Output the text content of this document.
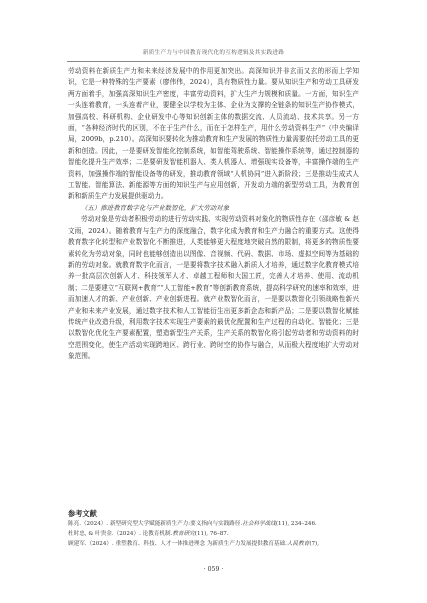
新质生产力与中国教育现代化的互构逻辑及其实践进路

劳动资料在新质生产力和未来经济发展中的作用更加突出。高深知识并非玄而又玄的形而上学知识，它是一种特殊的生产要素（廖伟伟，2024），具有物质性力量。要从知识生产和劳动工具研发两方面着手，加强高深知识生产密度，丰富劳动资料，扩大生产力规模和质量。一方面，知识生产一头连着教育，一头连着产业，要健全以学校为主体、企业为支撑的全链条的知识生产协作模式，加强高校、科研机构、企业研发中心等知识创新主体的数据交流、人员流动、技术共享。另一方面，“各种经济时代的区别，不在于生产什么，而在于怎样生产，用什么劳动资料生产”（中央编译局，2009b，p.210）。高深知识要转化为推动教育和生产发展的物质性力量需要依托劳动工具的更新和创造。因此，一是要研发智能化控制系统，如智能驾驶系统、智能操作系统等，通过控制器的智能化提升生产效率；二是要研发智能机器人、类人机器人、增强现实设备等，丰富操作端的生产资料，加强操作端的智能设备等的研发，推动教育领域“人机协同”进入新阶段；三是推动生成式人工智能、智能算法、新能源等方面的知识生产与应用创新，开发动力端的新型劳动工具，为教育创新和新质生产力发展提供驱动力。

（五）推进教育数字化与产业数智化，扩大劳动对象

劳动对象是劳动者积极劳动的进行劳动实践、实现劳动资料对象化的物质性存在（邵彦敏 & 赵文雨，2024）。随着教育与生产力的深度融合，数字化成为教育和生产力融合的重要方式。这使得教育数字化转型和产业数智化不断推进，人类能够更大程度地突破自然的限制，将更多的物质性要素转化为劳动对象，同时也能够创造出以图像、音视频、代码、数据、市场、虚拟空间等为基础的新的劳动对象。就教育数字化而言，一是要将数字技术融入新质人才培养，通过数字化教育模式培养一批高层次创新人才、科技领军人才、卓越工程师和大国工匠，完善人才培养、使用、流动机制；二是要建立“互联网+教育”“人工智能+教育”等创新教育系统，提高科学研究的速率和效率，进而加速人才的新、产业创新、产业创新进程。就产业数智化而言，一是要以数智化引领战略性新兴产业和未来产业发展，通过数字技术和人工智能衍生出更多新企态和新产品；二是要以数智化赋能传统产业改造升级，利用数字技术实现生产要素的最优化配置和生产过程的自动化、智能化；三是以数智化优化生产要素配置，塑造新型生产关系，生产关系的数智化将引起劳动者和劳动资料的时空范围变化，使生产活动实现跨地区、跨行业、跨时空的协作与融合，从而极大程度地扩大劳动对象范围。

参考文献
陈亮.（2024）. 新型研究型大学赋能新质生产力:要义指向与实践路径.社会科学战线(11), 234–246.
杜时忠, & 叶贵金.（2024）. 论教育机制.教育研究(11), 76–87.
顾建军.（2024）. 重塑教育、科技、人才一体推进理念 为新质生产力发展提供教育基础.人民教育(7),
· 059 ·
